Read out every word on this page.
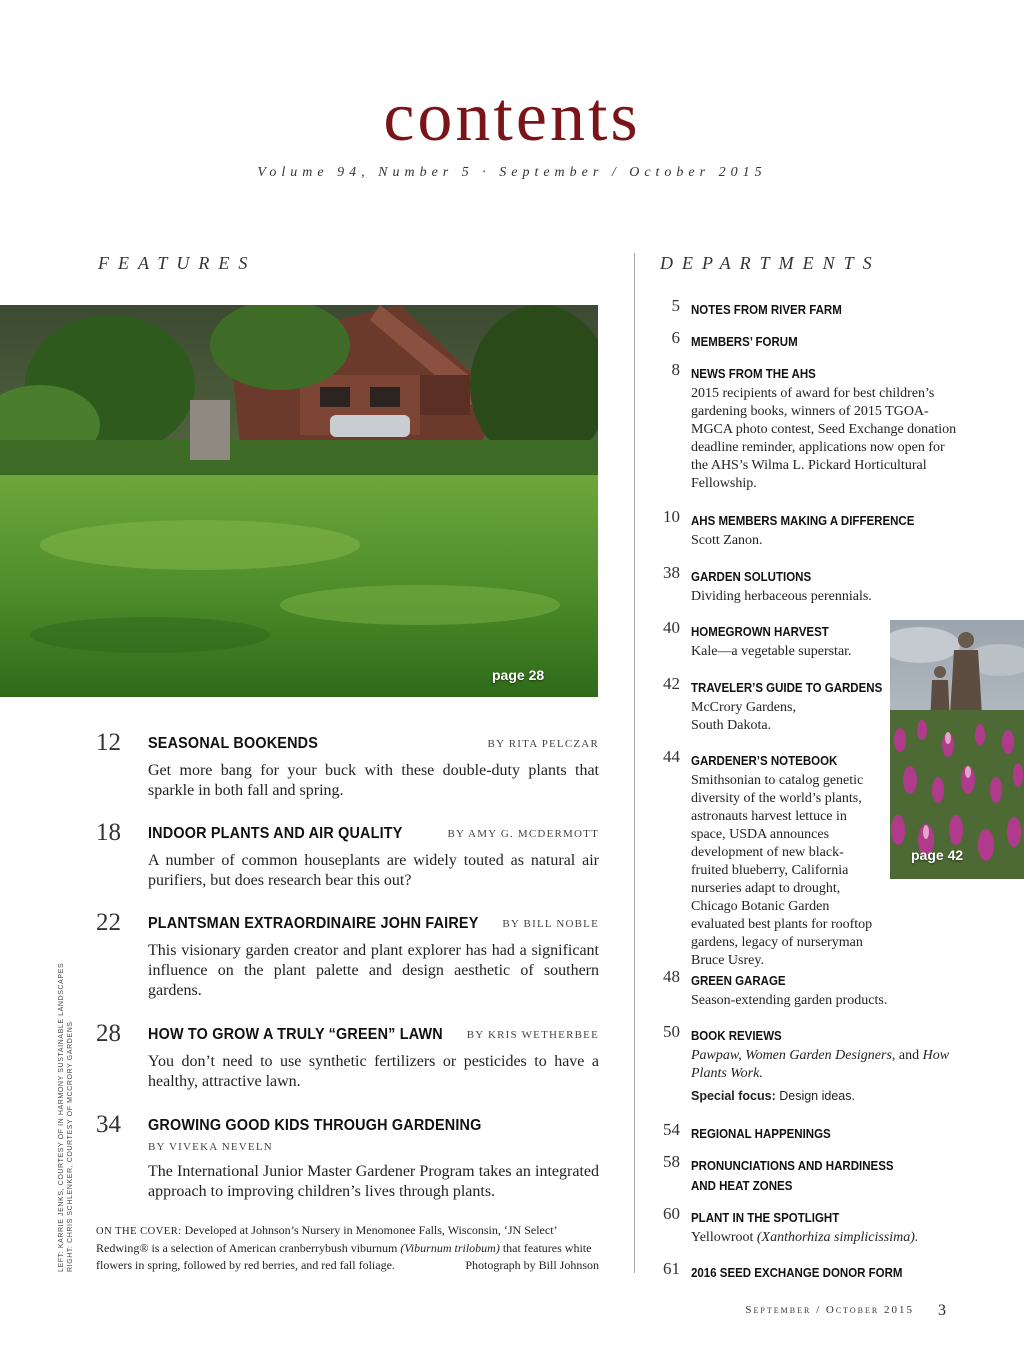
contents
Volume 94, Number 5 · September / October 2015
FEATURES	DEPARTMENTS
page 28
12 SEASONAL BOOKENDS	BY RITA PELCZAR
Get more bang for your buck with these double-duty plants that sparkle in both fall and spring.
18 INDOOR PLANTS AND AIR QUALITY	BY AMY G. MCDERMOTT
A number of common houseplants are widely touted as natural air purifiers, but does research bear this out?
22 PLANTSMAN EXTRAORDINAIRE JOHN FAIREY BY BILL NOBLE
This visionary garden creator and plant explorer has had a significant influence on the plant palette and design aesthetic of southern gardens.
28 HOW TO GROW A TRULY “GREEN” LAWN BY KRIS WETHERBEE
You don’t need to use synthetic fertilizers or pesticides to have a healthy, attractive lawn.
34 GROWING GOOD KIDS THROUGH GARDENING
BY VIVEKA NEVELN
The International Junior Master Gardener Program takes an integrated approach to improving children’s lives through plants.
ON THE COVER: Developed at Johnson’s Nursery in Menomonee Falls, Wisconsin, ‘JN Select’ Redwing® is a selection of American cranberrybush viburnum (Viburnum trilobum) that features white flowers in spring, followed by red berries, and red fall foliage.	Photograph by Bill Johnson
LEFT: KARRIE JENKS, COURTESY OF IN HARMONY SUSTAINABLE LANDSCAPES RIGHT: CHRIS SCHLENKER, COURTESY OF MCCRORY GARDENS
5 NOTES FROM RIVER FARM
6 MEMBERS’ FORUM
8 NEWS FROM THE AHS
2015 recipients of award for best children’s gardening books, winners of 2015 TGOA-MGCA photo contest, Seed Exchange donation deadline reminder, applications now open for the AHS’s Wilma L. Pickard Horticultural Fellowship.
10 AHS MEMBERS MAKING A DIFFERENCE
Scott Zanon.
38 GARDEN SOLUTIONS
Dividing herbaceous perennials.
40 HOMEGROWN HARVEST
Kale—a vegetable superstar.
42 TRAVELER’S GUIDE TO GARDENS
McCrory Gardens, South Dakota.
44 GARDENER’S NOTEBOOK
Smithsonian to catalog genetic diversity of the world’s plants, astronauts harvest lettuce in space, USDA announces development of new black-fruited blueberry, California nurseries adapt to drought, Chicago Botanic Garden evaluated best plants for rooftop gardens, legacy of nurseryman Bruce Usrey.
48 GREEN GARAGE
Season-extending garden products.
50 BOOK REVIEWS
Pawpaw, Women Garden Designers, and How Plants Work.
Special focus: Design ideas.
54 REGIONAL HAPPENINGS
58 PRONUNCIATIONS AND HARDINESS
AND HEAT ZONES
60 PLANT IN THE SPOTLIGHT
Yellowroot (Xanthorhiza simplicissima).
61 2016 SEED EXCHANGE DONOR FORM
page 42
September / October 2015 3
